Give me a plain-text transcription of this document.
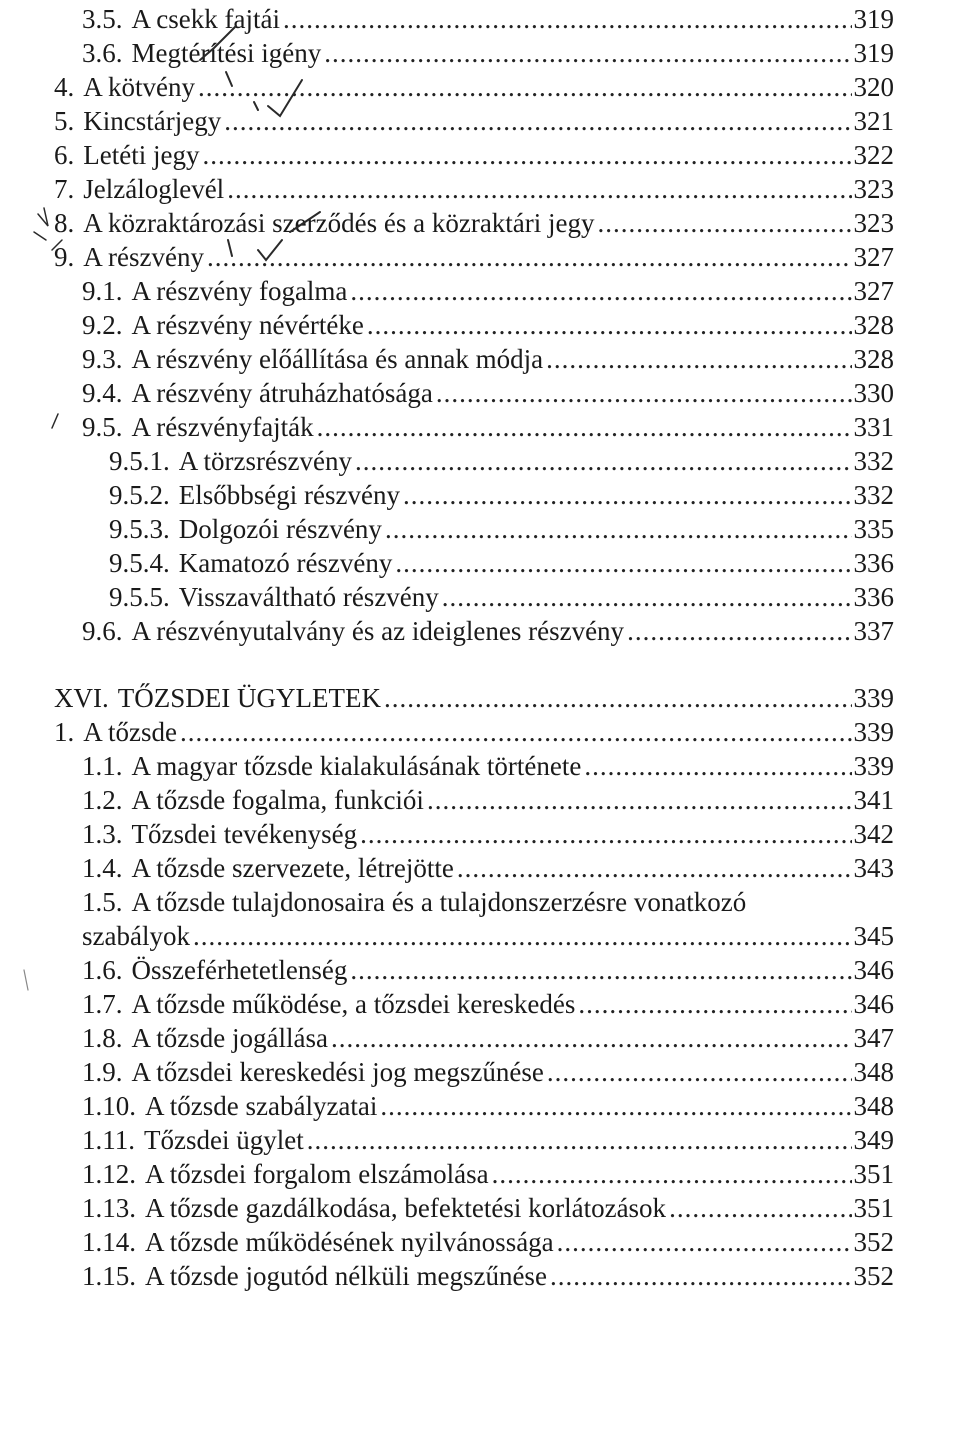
3.5. A csekk fajtái .....	319
3.6. Megtérítési igény .....	319
4. A kötvény .....	320
5. Kincstárjegy .....	321
6. Letéti jegy .....	322
7. Jelzáloglevél .....	323
8. A közraktározási szerződés és a közraktári jegy .....	323
9. A részvény .....	327
9.1. A részvény fogalma .....	327
9.2. A részvény névértéke .....	328
9.3. A részvény előállítása és annak módja .....	328
9.4. A részvény átruházhatósága .....	330
9.5. A részvényfajták .....	331
9.5.1. A törzsrészvény .....	332
9.5.2. Elsőbbségi részvény .....	332
9.5.3. Dolgozói részvény .....	335
9.5.4. Kamatozó részvény .....	336
9.5.5. Visszaváltható részvény .....	336
9.6. A részvényutalvány és az ideiglenes részvény .....	337
XVI. TŐZSDEI ÜGYLETEK .....	339
1. A tőzsde .....	339
1.1. A magyar tőzsde kialakulásának története .....	339
1.2. A tőzsde fogalma, funkciói .....	341
1.3. Tőzsdei tevékenység .....	342
1.4. A tőzsde szervezete, létrejötte .....	343
1.5. A tőzsde tulajdonosaira és a tulajdonszerzésre vonatkozó
szabályok .....	345
1.6. Összeférhetetlenség .....	346
1.7. A tőzsde működése, a tőzsdei kereskedés .....	346
1.8. A tőzsde jogállása .....	347
1.9. A tőzsdei kereskedési jog megszűnése .....	348
1.10. A tőzsde szabályzatai .....	348
1.11. Tőzsdei ügylet .....	349
1.12. A tőzsdei forgalom elszámolása .....	351
1.13. A tőzsde gazdálkodása, befektetési korlátozások .....	351
1.14. A tőzsde működésének nyilvánossága .....	352
1.15. A tőzsde jogutód nélküli megszűnése .....	352
